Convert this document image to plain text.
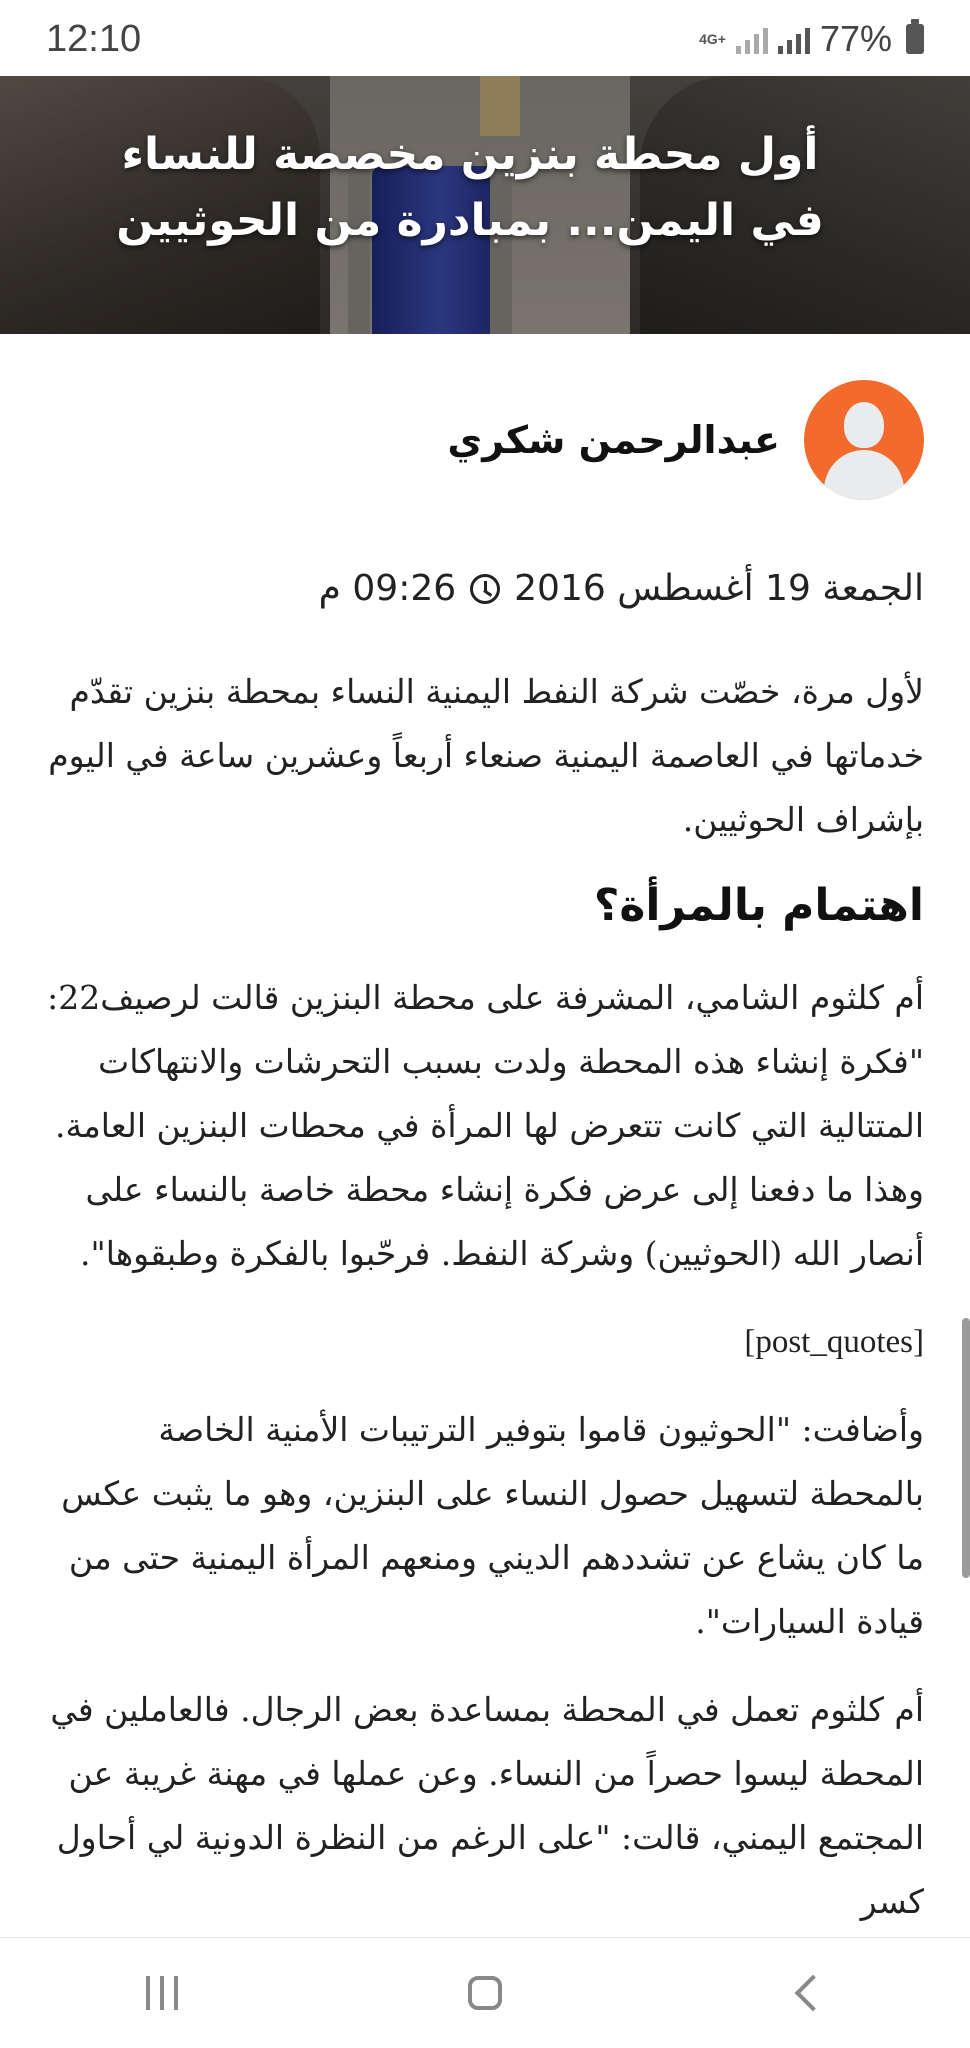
12:10	4G+	77%
أول محطة بنزين مخصصة للنساء في اليمن... بمبادرة من الحوثيين
عبدالرحمن شكري
الجمعة 19 أغسطس 2016
09:26 م

لأول مرة، خصّت شركة النفط اليمنية النساء بمحطة بنزين تقدّم خدماتها في العاصمة اليمنية صنعاء أربعاً وعشرين ساعة في اليوم بإشراف الحوثيين.

اهتمام بالمرأة؟

أم كلثوم الشامي، المشرفة على محطة البنزين قالت لرصيف22: "فكرة إنشاء هذه المحطة ولدت بسبب التحرشات والانتهاكات المتتالية التي كانت تتعرض لها المرأة في محطات البنزين العامة. وهذا ما دفعنا إلى عرض فكرة إنشاء محطة خاصة بالنساء على أنصار الله (الحوثيين) وشركة النفط. فرحّبوا بالفكرة وطبقوها".

[post_quotes]

وأضافت: "الحوثيون قاموا بتوفير الترتيبات الأمنية الخاصة بالمحطة لتسهيل حصول النساء على البنزين، وهو ما يثبت عكس ما كان يشاع عن تشددهم الديني ومنعهم المرأة اليمنية حتى من قيادة السيارات".

أم كلثوم تعمل في المحطة بمساعدة بعض الرجال. فالعاملين في المحطة ليسوا حصراً من النساء. وعن عملها في مهنة غريبة عن المجتمع اليمني، قالت: "على الرغم من النظرة الدونية لي أحاول كسر
